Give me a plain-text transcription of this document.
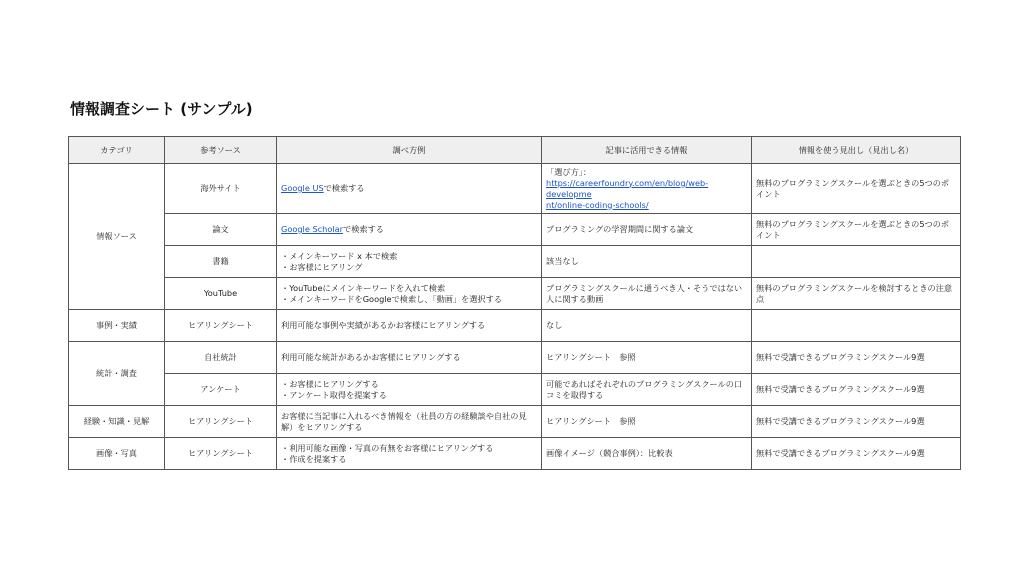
情報調査シート (サンプル)
カテゴリ	参考ソース	調べ方例	記事に活用できる情報	情報を使う見出し（見出し名）
情報ソース	海外サイト	Google USで検索する	「選び方」：
https://careerfoundry.com/en/blog/web-developme
nt/online-coding-schools/	無料のプログラミングスクールを選ぶときの5つのポイント
	論文	Google Scholarで検索する	プログラミングの学習期間に関する論文	無料のプログラミングスクールを選ぶときの5つのポイント
	書籍	・メインキーワード x 本で検索
・お客様にヒアリング	該当なし	
	YouTube	・YouTubeにメインキーワードを入れて検索
・メインキーワードをGoogleで検索し、「動画」を選択する	プログラミングスクールに通うべき人・そうではない人に関する動画	無料のプログラミングスクールを検討するときの注意点
事例・実績	ヒアリングシート	利用可能な事例や実績があるかお客様にヒアリングする	なし	
統計・調査	自社統計	利用可能な統計があるかお客様にヒアリングする	ヒアリングシート　参照	無料で受講できるプログラミングスクール9選
	アンケート	・お客様にヒアリングする
・アンケート取得を提案する	可能であればそれぞれのプログラミングスクールの口コミを取得する	無料で受講できるプログラミングスクール9選
経験・知識・見解	ヒアリングシート	お客様に当記事に入れるべき情報を（社員の方の経験談や自社の見解）をヒアリングする	ヒアリングシート　参照	無料で受講できるプログラミングスクール9選
画像・写真	ヒアリングシート	・利用可能な画像・写真の有無をお客様にヒアリングする
・作成を提案する	画像イメージ（競合事例）：比較表	無料で受講できるプログラミングスクール9選
